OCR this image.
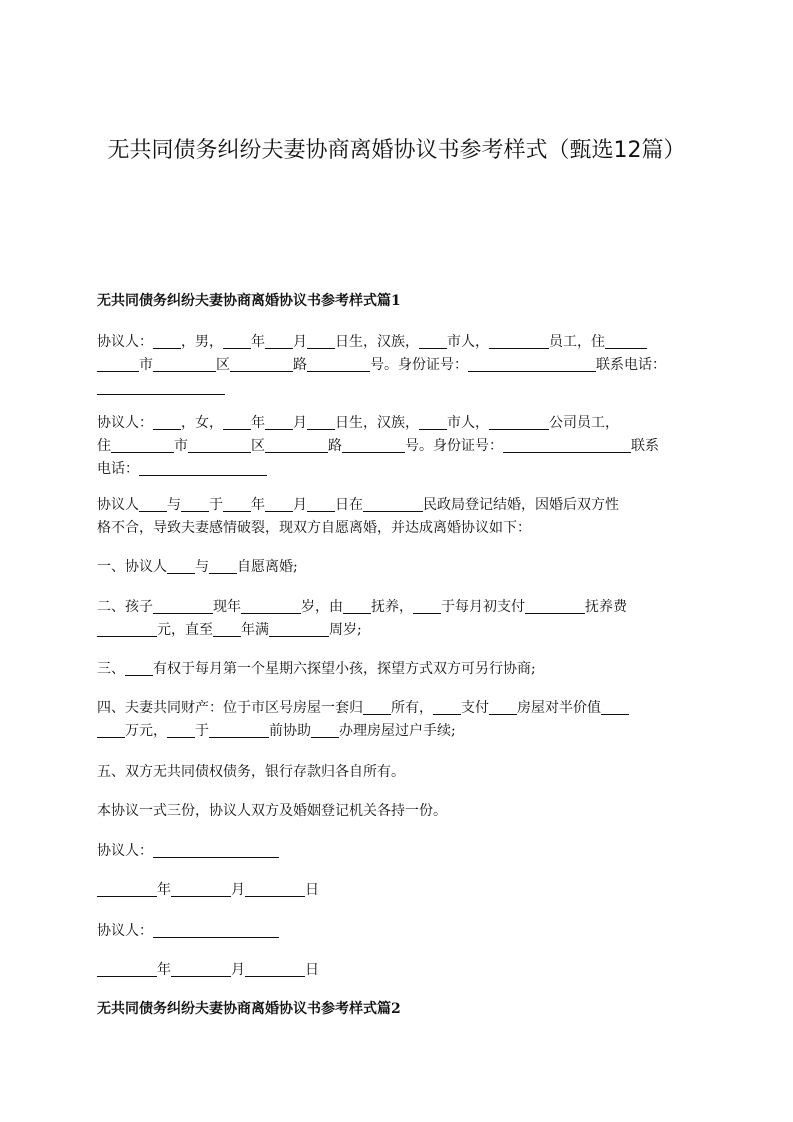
无共同债务纠纷夫妻协商离婚协议书参考样式（甄选12篇）
无共同债务纠纷夫妻协商离婚协议书参考样式篇1

协议人： ，男， 年 月 日生，汉族， 市人，	员工，住
市	区	路	号。身份证号：	联系电话：

协议人： ，女， 年 月 日生，汉族， 市人，	公司员工，
住	市	区	路	号。身份证号：	联系
电话：

协议人 与 于 年 月 日在	民政局登记结婚，因婚后双方性
格不合，导致夫妻感情破裂，现双方自愿离婚，并达成离婚协议如下：

一、协议人 与 自愿离婚;

二、孩子	现年	岁，由 抚养， 于每月初支付	抚养费
元，直至 年满	周岁;

三、 有权于每月第一个星期六探望小孩，探望方式双方可另行协商;

四、夫妻共同财产：位于市区号房屋一套归 所有， 支付 房屋对半价值
万元， 于	前协助 办理房屋过户手续;

五、双方无共同债权债务，银行存款归各自所有。

本协议一式三份，协议人双方及婚姻登记机关各持一份。

协议人：

年	月	日

协议人：

年	月	日

无共同债务纠纷夫妻协商离婚协议书参考样式篇2
